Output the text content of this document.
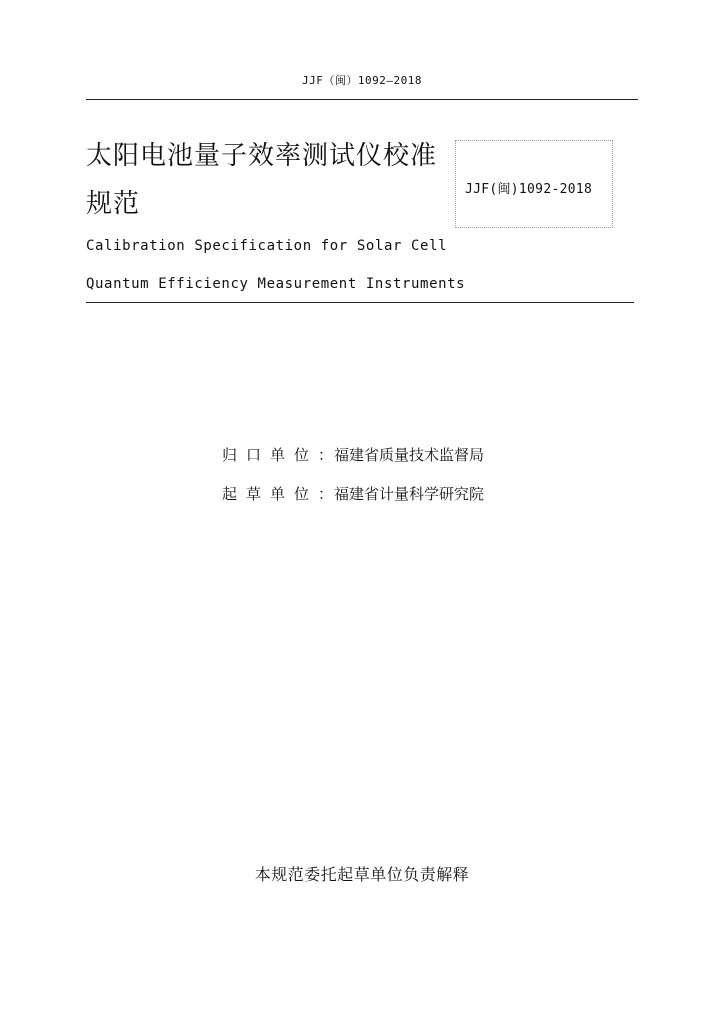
JJF（闽）1092—2018
太阳电池量子效率测试仪校准
规范	JJF(闽)1092-2018
Calibration Specification for Solar Cell
Quantum Efficiency Measurement Instruments
归口单位：福建省质量技术监督局
起草单位：福建省计量科学研究院
本规范委托起草单位负责解释
